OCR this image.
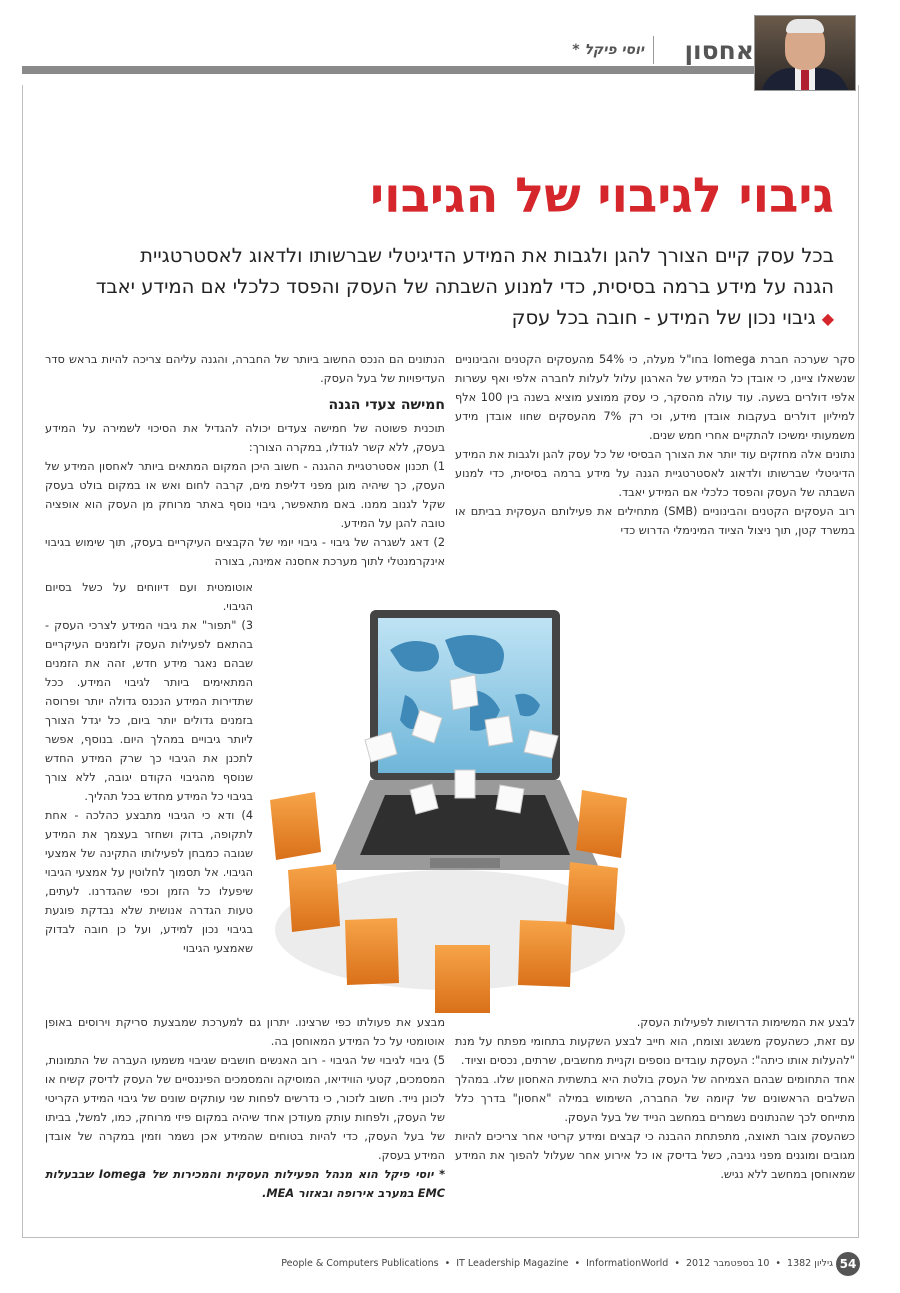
אחסון
יוסי פיקל *
גיבוי לגיבוי של הגיבוי
בכל עסק קיים הצורך להגן ולגבות את המידע הדיגיטלי שברשותו ולדאוג לאסטרטגיית
הגנה על מידע ברמה בסיסית, כדי למנוע השבתה של העסק והפסד כלכלי אם המידע יאבד
◆גיבוי נכון של המידע - חובה בכל עסק

סקר שערכה חברת Iomega בחו"ל מעלה, כי 54% מהעסקים הקטנים והבינוניים שנשאלו ציינו, כי אובדן כל המידע של הארגון עלול לעלות לחברה אלפי ואף עשרות אלפי דולרים בשעה. עוד עולה מהסקר, כי עסק ממוצע מוציא בשנה בין 100 אלף למיליון דולרים בעקבות אובדן מידע, וכי רק 7% מהעסקים שחוו אובדן מידע משמעותי ימשיכו להתקיים אחרי חמש שנים.

נתונים אלה מחזקים עוד יותר את הצורך הבסיסי של כל עסק להגן ולגבות את המידע הדיגיטלי שברשותו ולדאוג לאסטרטגיית הגנה על מידע ברמה בסיסית, כדי למנוע השבתה של העסק והפסד כלכלי אם המידע יאבד.

רוב העסקים הקטנים והבינוניים (SMB) מתחילים את פעילותם העסקית בביתם או במשרד קטן, תוך ניצול הציוד המינימלי הדרוש כדי

הנתונים הם הנכס החשוב ביותר של החברה, והגנה עליהם צריכה להיות בראש סדר העדיפויות של בעל העסק.

חמישה צעדי הגנה

תוכנית פשוטה של חמישה צעדים יכולה להגדיל את הסיכוי לשמירה על המידע בעסק, ללא קשר לגודלו, במקרה הצורך:

1) תכנון אסטרטגיית ההגנה - חשוב היכן המקום המתאים ביותר לאחסון המידע של העסק, כך שיהיה מוגן מפני דליפת מים, קרבה לחום ואש או במקום בולט בעסק שקל לגנוב ממנו. באם מתאפשר, גיבוי נוסף באתר מרוחק מן העסק הוא אופציה טובה להגן על המידע.

2) דאג לשגרה של גיבוי - גיבוי יומי של הקבצים העיקריים בעסק, תוך שימוש בגיבוי אינקרמנטלי לתוך מערכת אחסנה אמינה, בצורה

אוטומטית ועם דיווחים על כשל בסיום הגיבוי.

3) "תפור" את גיבוי המידע לצרכי העסק - בהתאם לפעילות העסק ולזמנים העיקריים שבהם נאגר מידע חדש, זהה את הזמנים המתאימים ביותר לגיבוי המידע. ככל שתדירות המידע הנכנס גדולה יותר ופרוסה בזמנים גדולים יותר ביום, כל יגדל הצורך ליותר גיבויים במהלך היום. בנוסף, אפשר לתכנן את הגיבוי כך שרק המידע החדש שנוסף מהגיבוי הקודם יגובה, ללא צורך בגיבוי כל המידע מחדש בכל תהליך.

4) ודא כי הגיבוי מתבצע כהלכה - אחת לתקופה, בדוק ושחזר בעצמך את המידע שגובה כמבחן לפעילותו התקינה של אמצעי הגיבוי. אל תסמוך לחלוטין על אמצעי הגיבוי שיפעלו כל הזמן וכפי שהגדרנו. לעתים, טעות הגדרה אנושית שלא נבדקת פוגעת בגיבוי נכון למידע, ועל כן חובה לבדוק שאמצעי הגיבוי

מבצע את פעולתו כפי שרצינו. יתרון גם למערכת שמבצעת סריקת וירוסים באופן אוטומטי על כל המידע המאוחסן בה.

5) גיבוי לגיבוי של הגיבוי - רוב האנשים חושבים שגיבוי משמעו העברה של התמונות, המסמכים, קטעי הווידיאו, המוסיקה והמסמכים הפיננסיים של העסק לדיסק קשיח או לכונן נייד. חשוב לזכור, כי נדרשים לפחות שני עותקים שונים של גיבוי המידע הקריטי של העסק, ולפחות עותק מעודכן אחד שיהיה במקום פיזי מרוחק, כמו, למשל, בביתו של בעל העסק, כדי להיות בטוחים שהמידע אכן נשמר וזמין במקרה של אובדן המידע בעסק.

* יוסי פיקל הוא מנהל הפעילות העסקית והמכירות של Iomega שבבעלות EMC במערב אירופה ובאזור MEA.

לבצע את המשימות הדרושות לפעילות העסק.

עם זאת, כשהעסק משגשג וצומח, הוא חייב לבצע השקעות בתחומי מפתח על מנת "להעלות אותו כיתה": העסקת עובדים נוספים וקניית מחשבים, שרתים, נכסים וציוד.

אחד התחומים שבהם הצמיחה של העסק בולטת היא בתשתית האחסון שלו. במהלך השלבים הראשונים של קיומה של החברה, השימוש במילה "אחסון" בדרך כלל מתייחס לכך שהנתונים נשמרים במחשב הנייד של בעל העסק.

כשהעסק צובר תאוצה, מתפתחת ההבנה כי קבצים ומידע קריטי אחר צריכים להיות מגובים ומוגנים מפני גניבה, כשל בדיסק או כל אירוע אחר שעלול להפוך את המידע שמאוחסן במחשב ללא נגיש.

People & Computers Publications • IT Leadership Magazine • InformationWorld • 10 בספטמבר 2012 • גיליון 1382 54
